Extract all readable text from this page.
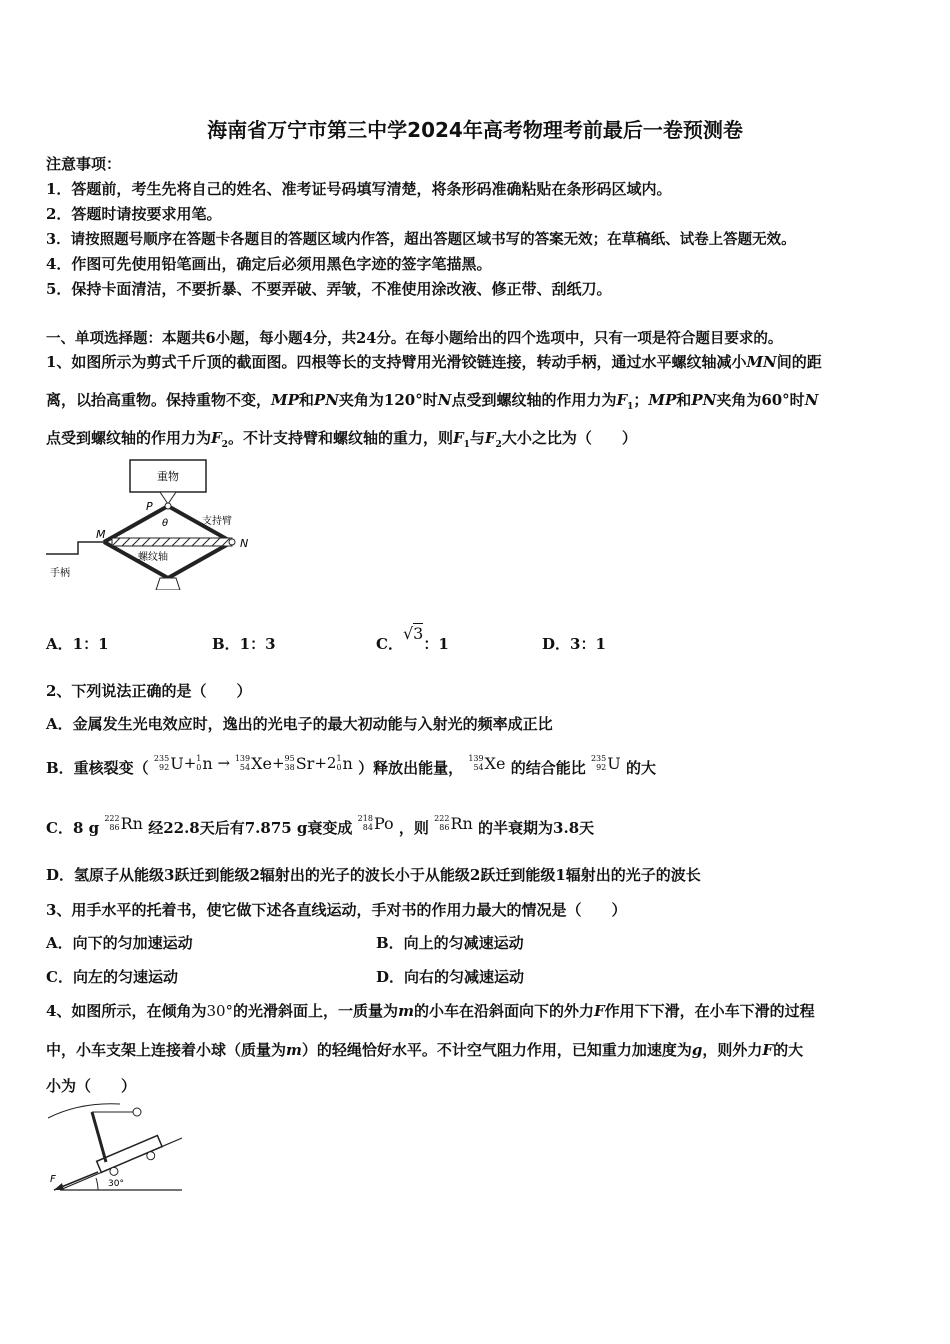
海南省万宁市第三中学2024年高考物理考前最后一卷预测卷
注意事项：
1．答题前，考生先将自己的姓名、准考证号码填写清楚，将条形码准确粘贴在条形码区域内。
2．答题时请按要求用笔。
3．请按照题号顺序在答题卡各题目的答题区域内作答，超出答题区域书写的答案无效；在草稿纸、试卷上答题无效。
4．作图可先使用铅笔画出，确定后必须用黑色字迹的签字笔描黑。
5．保持卡面清洁，不要折暴、不要弄破、弄皱，不准使用涂改液、修正带、刮纸刀。
一、单项选择题：本题共6小题，每小题4分，共24分。在每小题给出的四个选项中，只有一项是符合题目要求的。
1、如图所示为剪式千斤顶的截面图。四根等长的支持臂用光滑铰链连接，转动手柄，通过水平螺纹轴减小MN间的距
离，以抬高重物。保持重物不变，MP和PN夹角为120°时N点受到螺纹轴的作用力为$F_1$；MP和PN夹角为60°时N
点受到螺纹轴的作用力为$F_2$。不计支持臂和螺纹轴的重力，则$F_1$与$F_2$大小之比为（　　）
重物
P
θ	支持臂
螺纹轴
N
M
手柄
A．1：1	B．1：3	C．√3：1	D．3：1
2、下列说法正确的是（　　）
A．金属发生光电效应时，逸出的光电子的最大初动能与入射光的频率成正比
B．重核裂变（
235
92 U + 1
0 n
→
139
54 Xe + 95
38 Sr +2 1
0 n ）释放出能量，
139
54 Xe 的结合能比
235
92 U 的大
C．8 g
222
86 Rn 经22.8天后有7.875 g衰变成
218
84 Po ，则
222
86 Rn 的半衰期为3.8天
D．氢原子从能级3跃迁到能级2辐射出的光子的波长小于从能级2跃迁到能级1辐射出的光子的波长
3、用手水平的托着书，使它做下述各直线运动，手对书的作用力最大的情况是（　　）
A．向下的匀加速运动	B．向上的匀减速运动
C．向左的匀速运动	D．向右的匀减速运动
4、如图所示，在倾角为30°的光滑斜面上，一质量为m的小车在沿斜面向下的外力F作用下下滑，在小车下滑的过程
中，小车支架上连接着小球（质量为m）的轻绳恰好水平。不计空气阻力作用，已知重力加速度为g，则外力F的大
小为（　　）
F	30°
